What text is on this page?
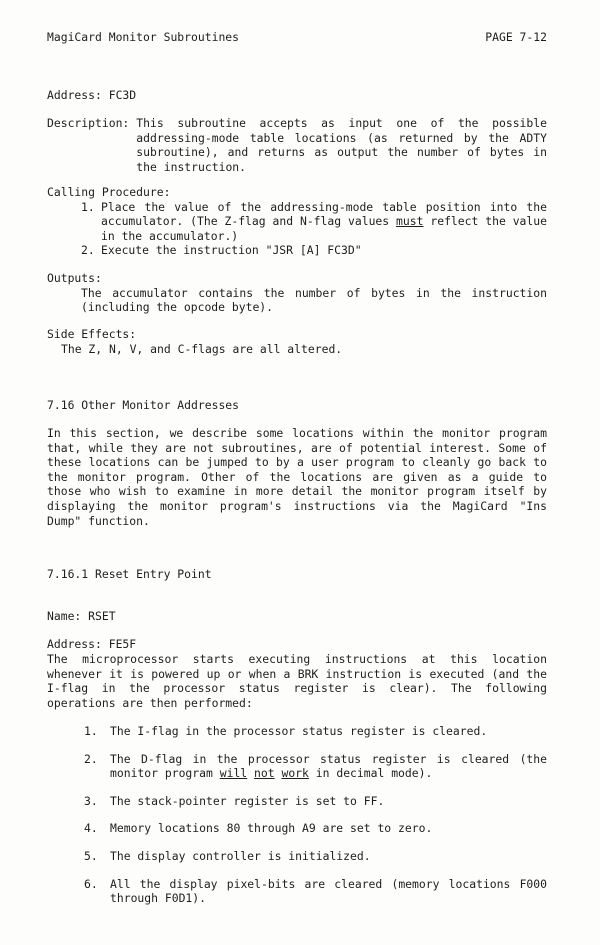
MagiCard Monitor Subroutines	PAGE 7-12

Address: FC3D

Description: This subroutine accepts as input one of the possible addressing-mode table locations (as returned by the ADTY subroutine), and returns as output the number of bytes in the instruction.
Calling Procedure:
1. Place the value of the addressing-mode table position into the accumulator. (The Z-flag and N-flag values must reflect the value in the accumulator.)
2. Execute the instruction "JSR [A] FC3D"
Outputs:
The accumulator contains the number of bytes in the instruction (including the opcode byte).
Side Effects:
The Z, N, V, and C-flags are all altered.
7.16 Other Monitor Addresses
In this section, we describe some locations within the monitor program that, while they are not subroutines, are of potential interest. Some of these locations can be jumped to by a user program to cleanly go back to the monitor program. Other of the locations are given as a guide to those who wish to examine in more detail the monitor program itself by displaying the monitor program's instructions via the MagiCard "Ins Dump" function.
7.16.1 Reset Entry Point
Name: RSET
Address: FE5F
The microprocessor starts executing instructions at this location whenever it is powered up or when a BRK instruction is executed (and the I-flag in the processor status register is clear). The following operations are then performed:
1.	The I-flag in the processor status register is cleared.
2.	The D-flag in the processor status register is cleared (the monitor program will not work in decimal mode).
3.	The stack-pointer register is set to FF.
4.	Memory locations 80 through A9 are set to zero.
5.	The display controller is initialized.
6.	All the display pixel-bits are cleared (memory locations F000 through F0D1).
